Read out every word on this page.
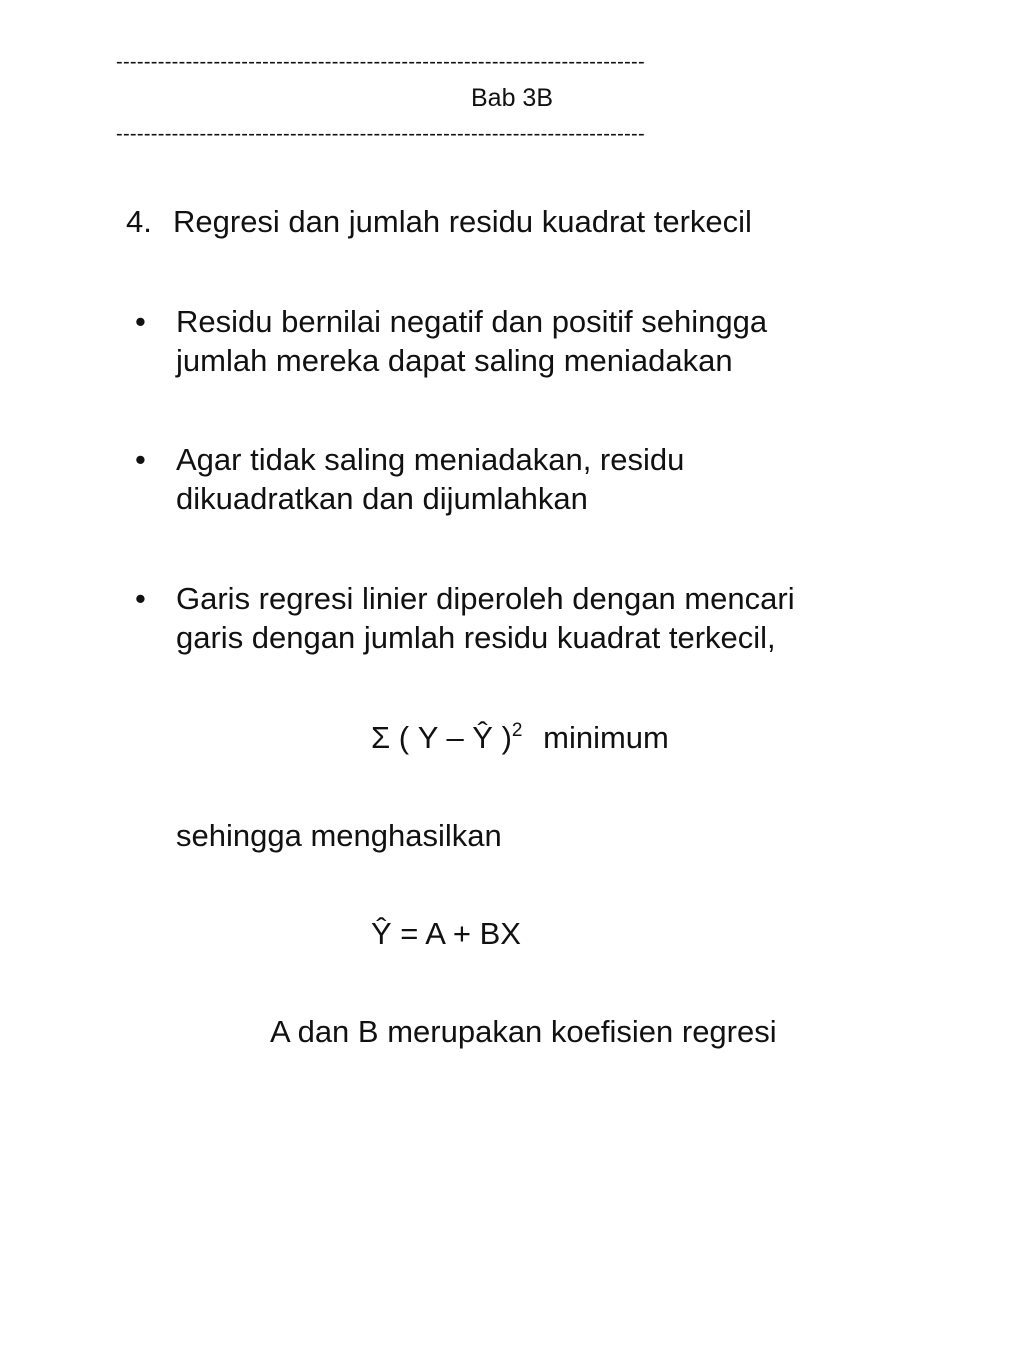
----------------------------------------------------------------------------
Bab 3B
----------------------------------------------------------------------------
4. Regresi dan jumlah residu kuadrat terkecil
• Residu bernilai negatif dan positif sehingga
jumlah mereka dapat saling meniadakan
• Agar tidak saling meniadakan, residu
dikuadratkan dan dijumlahkan
• Garis regresi linier diperoleh dengan mencari
garis dengan jumlah residu kuadrat terkecil,
Σ ( Y – Ŷ )$^2$ minimum
sehingga menghasilkan
Ŷ = A + BX
A dan B merupakan koefisien regresi
